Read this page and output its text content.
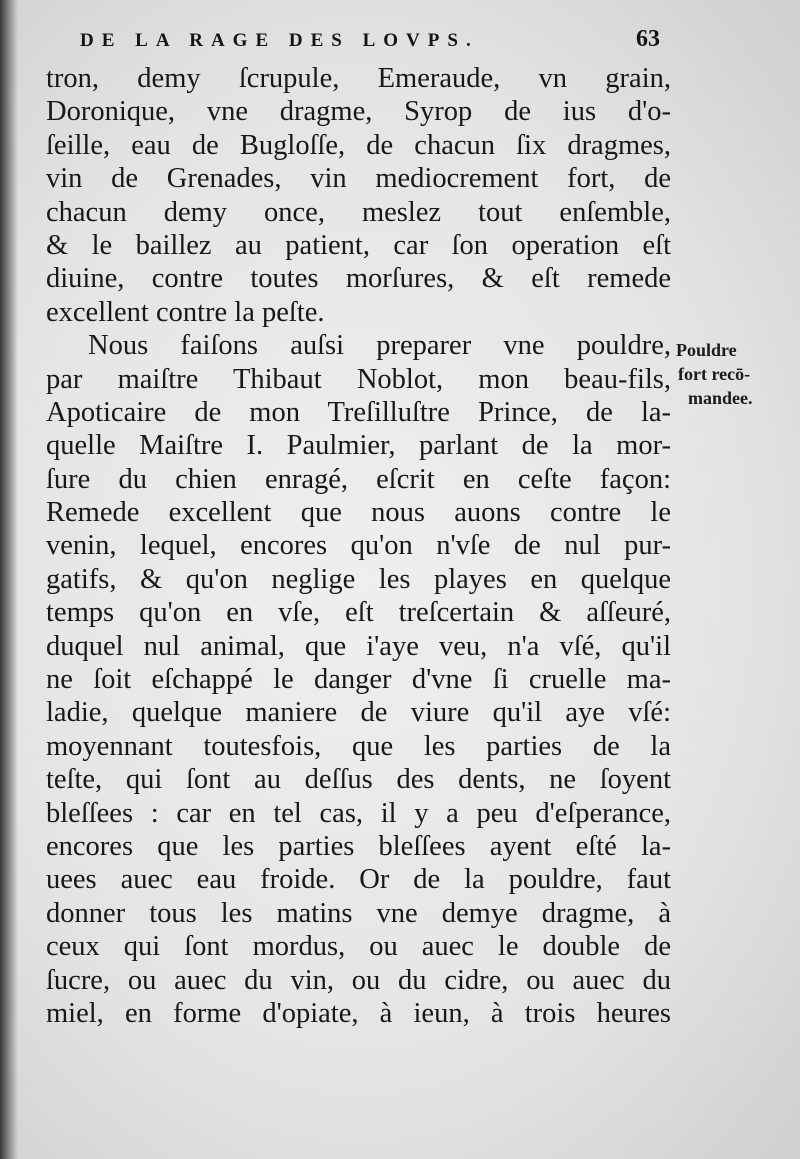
DE LA RAGE DES LOVPS.	63
tron, demy ſcrupule, Emeraude, vn grain,
Doronique, vne dragme, Syrop de ius d'o-
ſeille, eau de Bugloſſe, de chacun ſix dragmes,
vin de Grenades, vin mediocrement fort, de
chacun demy once, meslez tout enſemble,
& le baillez au patient, car ſon operation eſt
diuine, contre toutes morſures, & eſt remede
excellent contre la peſte.
Nous faiſons auſsi preparer vne pouldre,
par maiſtre Thibaut Noblot, mon beau-fils,
Apoticaire de mon Treſilluſtre Prince, de la-
quelle Maiſtre I. Paulmier, parlant de la mor-
ſure du chien enragé, eſcrit en ceſte façon:
Remede excellent que nous auons contre le
venin, lequel, encores qu'on n'vſe de nul pur-
gatifs, & qu'on neglige les playes en quelque
temps qu'on en vſe, eſt treſcertain & aſſeuré,
duquel nul animal, que i'aye veu, n'a vſé, qu'il
ne ſoit eſchappé le danger d'vne ſi cruelle ma-
ladie, quelque maniere de viure qu'il aye vſé:
moyennant toutesfois, que les parties de la
teſte, qui ſont au deſſus des dents, ne ſoyent
bleſſees : car en tel cas, il y a peu d'eſperance,
encores que les parties bleſſees ayent eſté la-
uees auec eau froide. Or de la pouldre, faut
donner tous les matins vne demye dragme, à
ceux qui ſont mordus, ou auec le double de
ſucre, ou auec du vin, ou du cidre, ou auec du
miel, en forme d'opiate, à ieun, à trois heures
Pouldre
fort recō-
mandee.
